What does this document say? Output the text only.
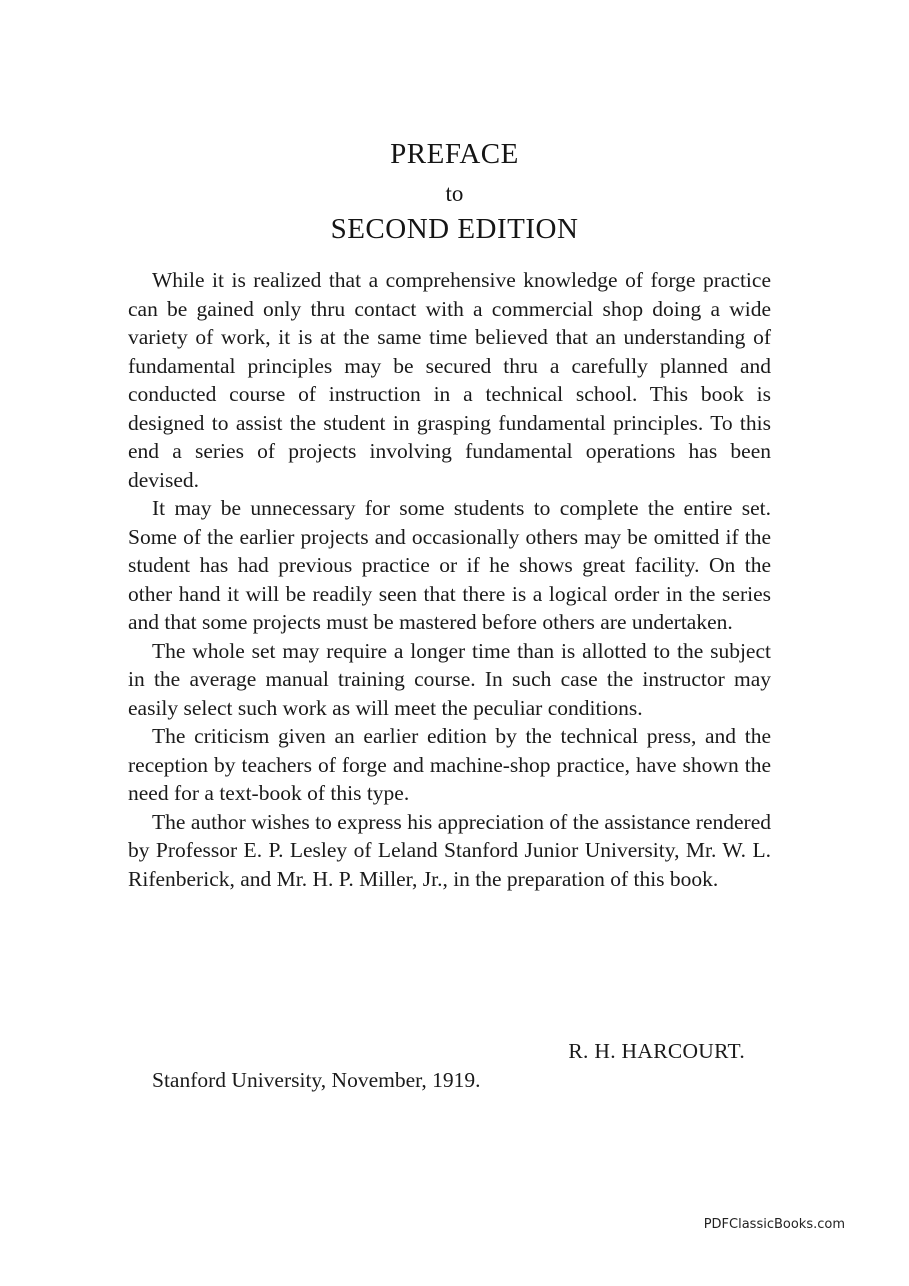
PREFACE
to
SECOND EDITION

While it is realized that a comprehensive knowledge of forge practice can be gained only thru contact with a commercial shop doing a wide variety of work, it is at the same time believed that an understanding of fundamental principles may be secured thru a carefully planned and conducted course of instruction in a technical school. This book is designed to assist the student in grasping fundamental principles. To this end a series of projects involving fundamental operations has been devised.

It may be unnecessary for some students to complete the entire set. Some of the earlier projects and occasionally others may be omitted if the student has had previous practice or if he shows great facility. On the other hand it will be readily seen that there is a logical order in the series and that some projects must be mastered before others are undertaken.

The whole set may require a longer time than is allotted to the subject in the average manual training course. In such case the instructor may easily select such work as will meet the peculiar conditions.

The criticism given an earlier edition by the technical press, and the reception by teachers of forge and machine-shop practice, have shown the need for a text-book of this type.

The author wishes to express his appreciation of the assistance rendered by Professor E. P. Lesley of Leland Stanford Junior University, Mr. W. L. Rifenberick, and Mr. H. P. Miller, Jr., in the preparation of this book.

R. H. HARCOURT.
Stanford University, November, 1919.
PDFClassicBooks.com
